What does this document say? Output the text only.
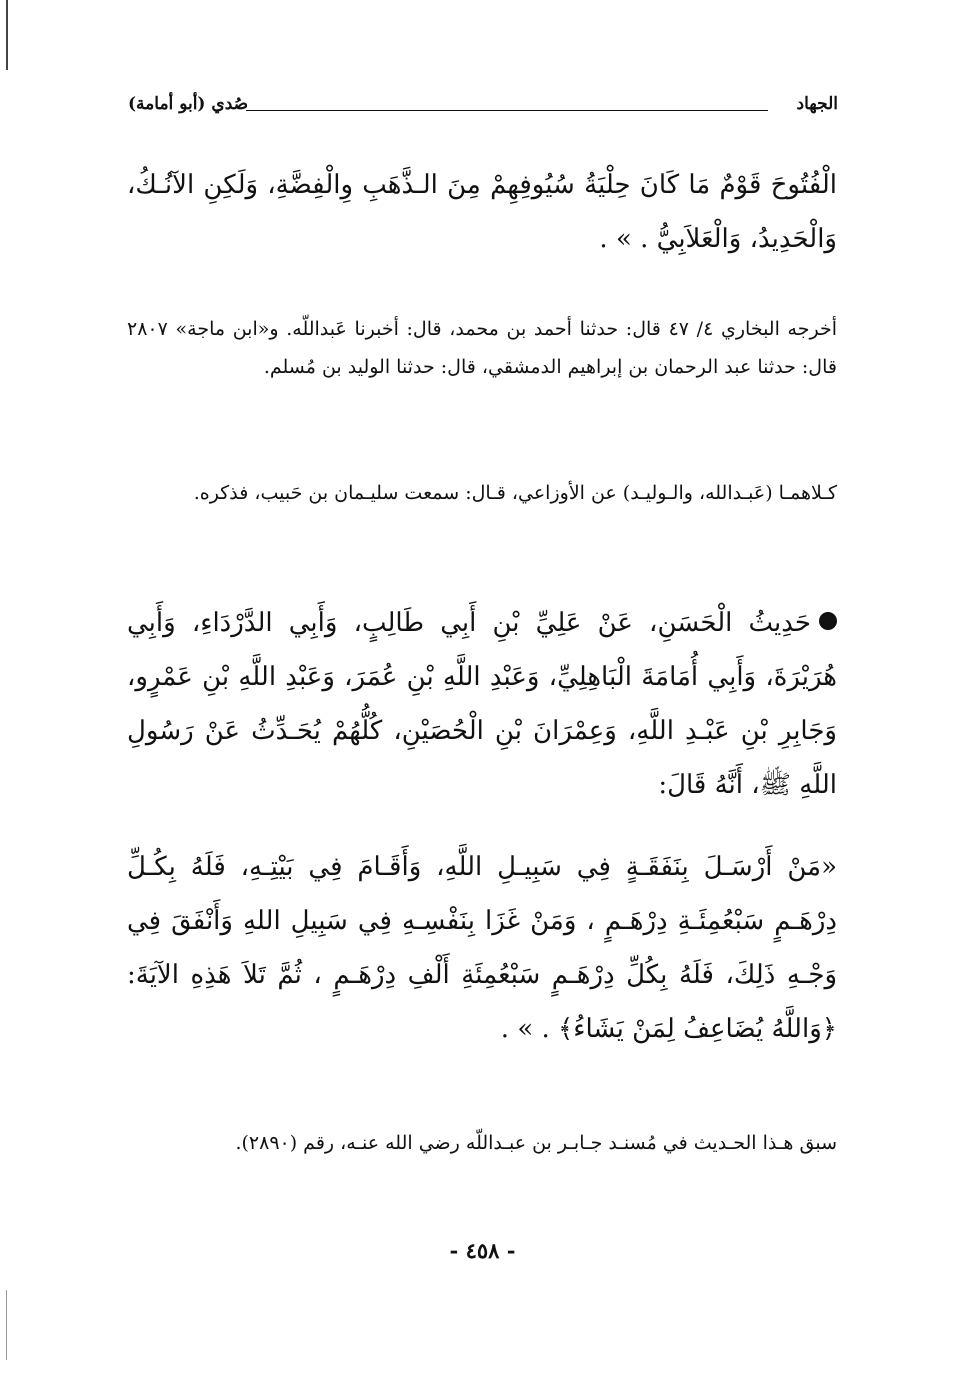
الجهاد
صُدي (أبو أمامة)
الْفُتُوحَ قَوْمٌ مَا كَانَ حِلْيَةُ سُيُوفِهِمْ مِنَ الـذَّهَبِ وِالْفِضَّةِ، وَلَكِنِ الآنُـكُ، وَالْحَدِيدُ، وَالْعَلاَبِيُّ . » .
أخرجه البخاري ٤/ ٤٧ قال: حدثنا أحمد بن محمد، قال: أخبرنا عَبداللّه. و«ابن ماجة» ٢٨٠٧ قال: حدثنا عبد الرحمان بن إبراهيم الدمشقي، قال: حدثنا الوليد بن مُسلم.
كـلاهمـا (عَبـدالله، والـوليـد) عن الأوزاعي، قـال: سمعت سليـمان بن حَبيب، فذكره.
حَدِيثُ الْحَسَنِ، عَنْ عَلِيِّ بْنِ أَبِي طَالِبٍ، وَأَبِي الدَّرْدَاءِ، وَأَبِي هُرَيْرَةَ، وَأَبِي أُمَامَةَ الْبَاهِلِيِّ، وَعَبْدِ اللَّهِ بْنِ عُمَرَ، وَعَبْدِ اللَّهِ بْنِ عَمْرٍو، وَجَابِرِ بْنِ عَبْـدِ اللَّهِ، وَعِمْرَانَ بْنِ الْحُصَيْنِ، كُلُّهُمْ يُحَـدِّثُ عَنْ رَسُولِ اللَّهِ ﷺ، أَنَّهُ قَالَ:
«مَنْ أَرْسَـلَ بِنَفَقَـةٍ فِي سَبِيـلِ اللَّهِ، وَأَقَـامَ فِي بَيْتِـهِ، فَلَهُ بِكُـلِّ دِرْهَـمٍ سَبْعُمِئَـةِ دِرْهَـمٍ ، وَمَنْ غَزَا بِنَفْسِـهِ فِي سَبِيلِ اللهِ وَأَنْفَقَ فِي وَجْـهِ ذَلِكَ، فَلَهُ بِكُلِّ دِرْهَـمٍ سَبْعُمِئَةِ أَلْفِ دِرْهَـمٍ ، ثُمَّ تَلاَ هَذِهِ الآيَةَ: ﴿وَاللَّهُ يُضَاعِفُ لِمَنْ يَشَاءُ﴾ . » .
سبق هـذا الحـديث في مُسنـد جـابـر بن عبـداللّه رضي الله عنـه، رقم (٢٨٩٠).
- ٤٥٨ -
